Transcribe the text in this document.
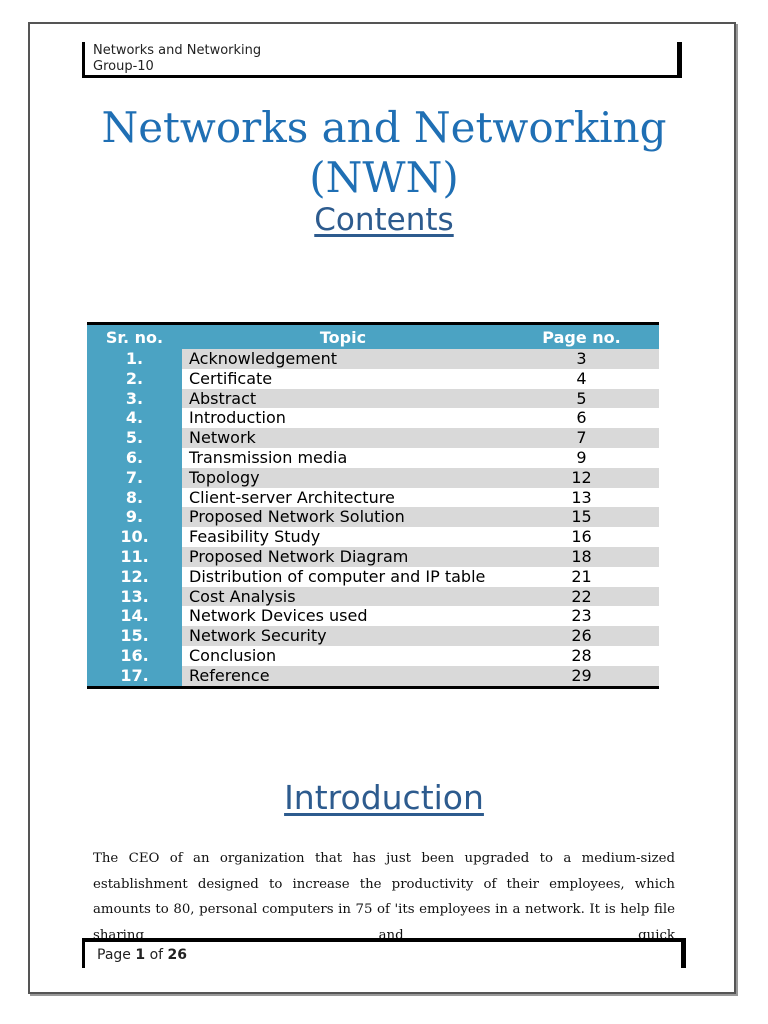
Networks and Networking
Group-10
Networks and Networking
(NWN)
Contents
Sr. no.	Topic	Page no.
1.	Acknowledgement	3
2.	Certificate	4
3.	Abstract	5
4.	Introduction	6
5.	Network	7
6.	Transmission media	9
7.	Topology	12
8.	Client-server Architecture	13
9.	Proposed Network Solution	15
10.	Feasibility Study	16
11.	Proposed Network Diagram	18
12.	Distribution of computer and IP table	21
13.	Cost Analysis	22
14.	Network Devices used	23
15.	Network Security	26
16.	Conclusion	28
17.	Reference	29
Introduction
The CEO of an organization that has just been upgraded to a medium-sized establishment designed to increase the productivity of their employees, which amounts to 80, personal computers in 75 of 'its employees in a network. It is help file sharing and quick
Page 1 of 26
